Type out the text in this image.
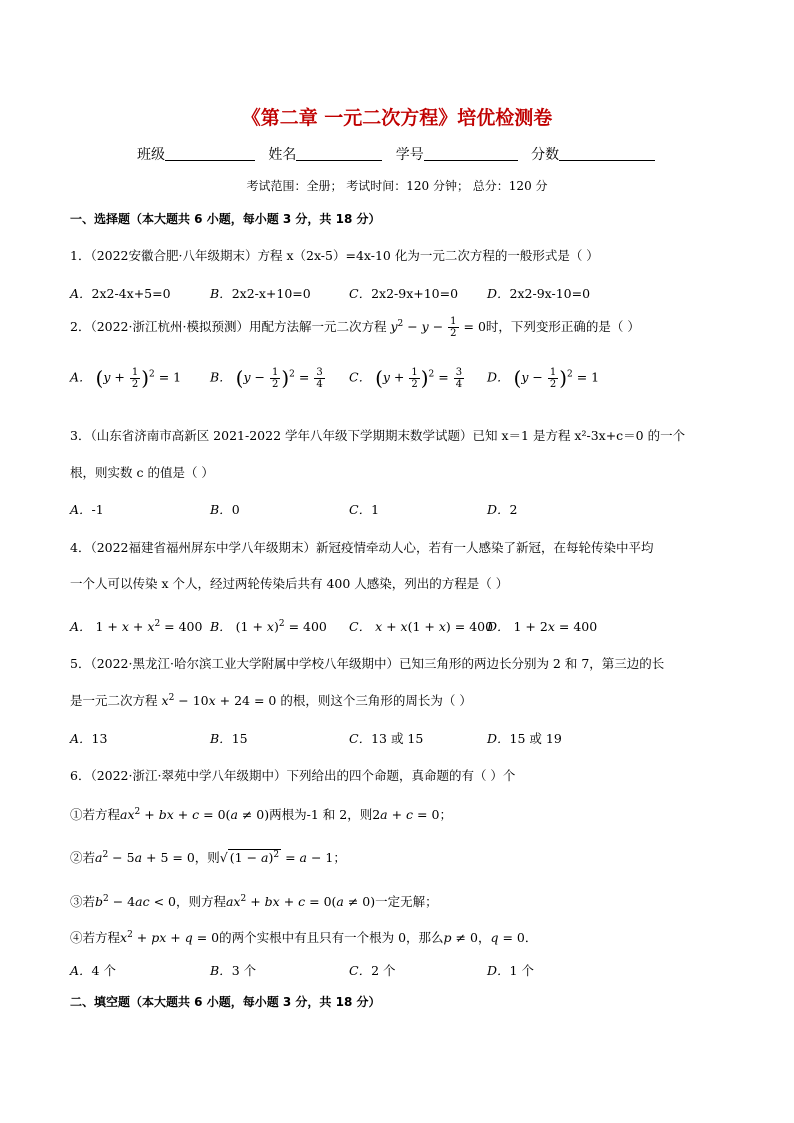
《第二章 一元二次方程》培优检测卷
班级	姓名	学号	分数
考试范围：全册； 考试时间：120 分钟； 总分：120 分
一、选择题（本大题共 6 小题，每小题 3 分，共 18 分）
1．（2022安徽合肥·八年级期末）方程 x（2x-5）=4x-10 化为一元二次方程的一般形式是（ ）
A．2x2-4x+5=0	B．2x2-x+10=0	C．2x2-9x+10=0 D．2x2-9x-10=0
2．（2022·浙江杭州·模拟预测）用配方法解一元二次方程 $y^2 - y - \frac{1}{2} = 0$时，下列变形正确的是（ ）
A． $(y + \frac{1}{2} )^2 = 1$ B． $(y - \frac{1}{2} )^2 = \frac{3}{4}$ C． $(y + \frac{1}{2} )^2 = \frac{3}{4}$ D． $(y - \frac{1}{2} )^2 = 1$
3．（山东省济南市高新区 2021-2022 学年八年级下学期期末数学试题）已知 x＝1 是方程 x²-3x+c＝0 的一个
根，则实数 c 的值是（ ）
A．-1	B．0	C．1	D．2
4．（2022福建省福州屏东中学八年级期末）新冠疫情牵动人心，若有一人感染了新冠，在每轮传染中平均
一个人可以传染 x 个人，经过两轮传染后共有 400 人感染，列出的方程是（ ）
A． $1 + x + x^2 = 400$ B． $(1 + x)^2 = 400$ C． x + x(1 + x) = 400
D． 1 + 2x = 400
5．（2022·黑龙江·哈尔滨工业大学附属中学校八年级期中）已知三角形的两边长分别为 2 和 7，第三边的长
是一元二次方程 $x^2 - 10x + 24 = 0$ 的根，则这个三角形的周长为（ ）
A．13	B．15	C．13 或 15	D．15 或 19
6．（2022·浙江·翠苑中学八年级期中）下列给出的四个命题，真命题的有（ ）个
①若方程$ax^2$ + bx + c = 0(a ≠ 0)两根为-1 和 2，则2a + c = 0；
②若$a^2 - 5a + 5 = 0$，则√ $(1 - a)^2 = a - 1$；
③若$b^2 - 4ac < 0$，则方程$ax^2$ + bx + c = 0(a ≠ 0)一定无解；
④若方程$x^2$ + px + q = 0的两个实根中有且只有一个根为 0，那么p ≠ 0，q = 0．
A．4 个	B．3 个	C．2 个	D．1 个
二、填空题（本大题共 6 小题，每小题 3 分，共 18 分）
